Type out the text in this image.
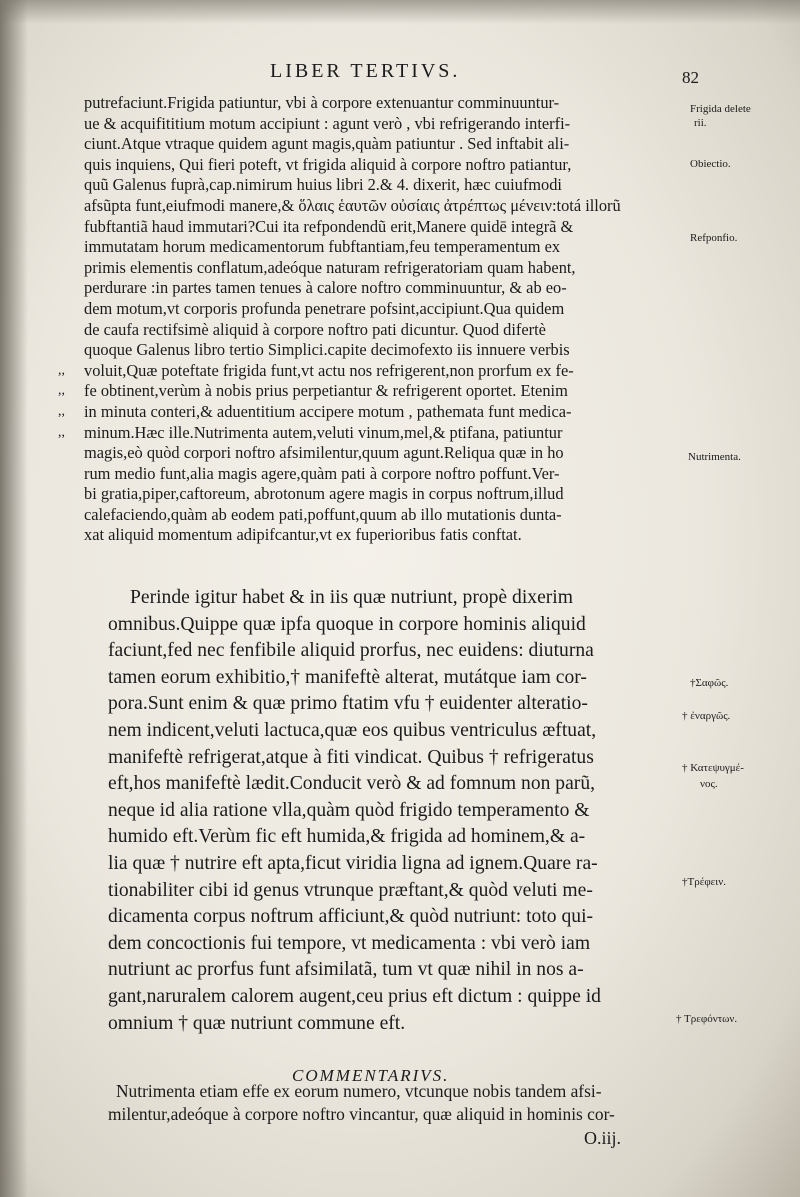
LIBER TERTIVS.	82
putrefaciunt.Frigida patiuntur, vbi à corpore extenuantur comminuuntur-
ue & acquifititium motum accipiunt : agunt verò , vbi refrigerando interfi-
ciunt.Atque vtraque quidem agunt magis,quàm patiuntur . Sed inftabit ali-
quis inquiens, Qui fieri poteft, vt frigida aliquid à corpore noftro patiantur,
quũ Galenus fuprà,cap.nimirum huius libri 2.& 4. dixerit, hæc cuiufmodi
afsũpta funt,eiufmodi manere,& ὅλαις ἑαυτῶν οὐσίαις ἀτρέπτως μένειν:totá illorũ
fubftantiã haud immutari?Cui ita refpondendũ erit,Manere quidē integrã &
immutatam horum medicamentorum fubftantiam,feu temperamentum ex
primis elementis conflatum,adeóque naturam refrigeratoriam quam habent,
perdurare :in partes tamen tenues à calore noftro comminuuntur, & ab eo-
dem motum,vt corporis profunda penetrare pofsint,accipiunt.Qua quidem
de caufa rectifsimè aliquid à corpore noftro pati dicuntur. Quod difertè
quoque Galenus libro tertio Simplici.capite decimofexto iis innuere verbis
,, voluit,Quæ poteftate frigida funt,vt actu nos refrigerent,non prorfum ex fe-
,, fe obtinent,verùm à nobis prius perpetiantur & refrigerent oportet. Etenim
,, in minuta conteri,& aduentitium accipere motum , pathemata funt medica-
,, minum.Hæc ille.Nutrimenta autem,veluti vinum,mel,& ptifana, patiuntur
magis,eò quòd corpori noftro afsimilentur,quum agunt.Reliqua quæ in ho
rum medio funt,alia magis agere,quàm pati à corpore noftro poffunt.Ver-
bi gratia,piper,caftoreum, abrotonum agere magis in corpus noftrum,illud
calefaciendo,quàm ab eodem pati,poffunt,quum ab illo mutationis dunta-
xat aliquid momentum adipifcantur,vt ex fuperioribus fatis conftat.
Perinde igitur habet & in iis quæ nutriunt, propè dixerim
omnibus.Quippe quæ ipfa quoque in corpore hominis aliquid
faciunt,fed nec fenfibile aliquid prorfus, nec euidens: diuturna
tamen eorum exhibitio,† manifeftè alterat, mutátque iam cor-
pora.Sunt enim & quæ primo ftatim vfu † euidenter alteratio-
nem indicent,veluti lactuca,quæ eos quibus ventriculus æftuat,
manifeftè refrigerat,atque à fiti vindicat. Quibus † refrigeratus
eft,hos manifeftè lædit.Conducit verò & ad fomnum non parũ,
neque id alia ratione vlla,quàm quòd frigido temperamento &
humido eft.Verùm fic eft humida,& frigida ad hominem,& a-
lia quæ † nutrire eft apta,ficut viridia ligna ad ignem.Quare ra-
tionabiliter cibi id genus vtrunque præftant,& quòd veluti me-
dicamenta corpus noftrum afficiunt,& quòd nutriunt: toto qui-
dem concoctionis fui tempore, vt medicamenta : vbi verò iam
nutriunt ac prorfus funt afsimilatã, tum vt quæ nihil in nos a-
gant,naruralem calorem augent,ceu prius eft dictum : quippe id
omnium † quæ nutriunt commune eft.
Frigida delete
rii.
Obiectio.
Refponfio.
Nutrimenta.
†Σαφῶς.
† ἐναργῶς.
† Κατεψυγμέ-
νος.
†Τρέφειν.
† Τρεφόντων.
COMMENTARIVS.
Nutrimenta etiam effe ex eorum numero, vtcunque nobis tandem afsi-
milentur,adeóque à corpore noftro vincantur, quæ aliquid in hominis cor-
O.iij.
